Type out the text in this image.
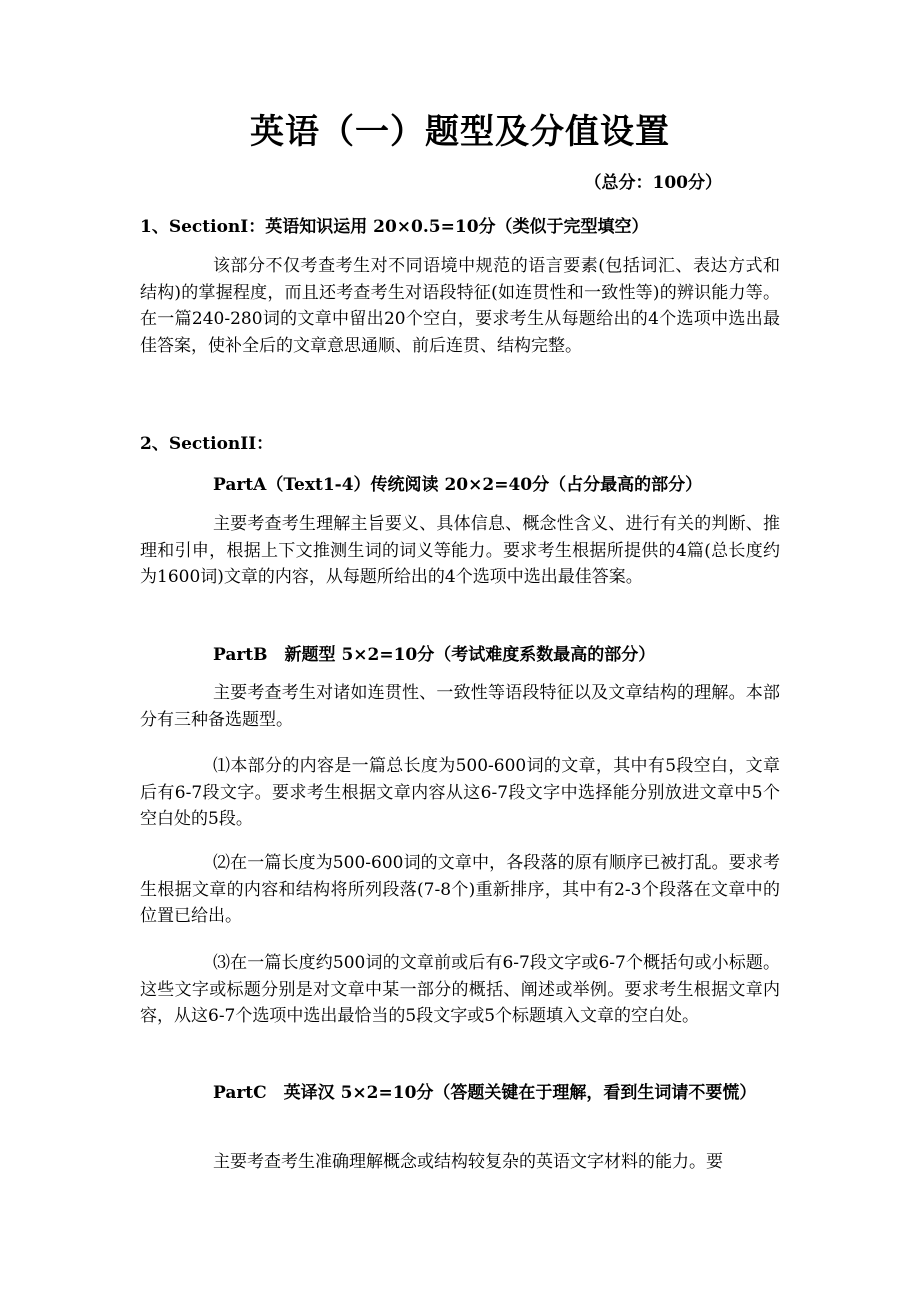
英语（一）题型及分值设置
（总分：100分）
1、SectionI：英语知识运用 20×0.5=10分（类似于完型填空）
该部分不仅考查考生对不同语境中规范的语言要素(包括词汇、表达方式和结构)的掌握程度，而且还考查考生对语段特征(如连贯性和一致性等)的辨识能力等。在一篇240-280词的文章中留出20个空白，要求考生从每题给出的4个选项中选出最佳答案，使补全后的文章意思通顺、前后连贯、结构完整。
2、SectionII：
PartA（Text1-4）传统阅读 20×2=40分（占分最高的部分）
主要考查考生理解主旨要义、具体信息、概念性含义、进行有关的判断、推理和引申，根据上下文推测生词的词义等能力。要求考生根据所提供的4篇(总长度约为1600词)文章的内容，从每题所给出的4个选项中选出最佳答案。
PartB　新题型 5×2=10分（考试难度系数最高的部分）
主要考查考生对诸如连贯性、一致性等语段特征以及文章结构的理解。本部分有三种备选题型。
⑴本部分的内容是一篇总长度为500-600词的文章，其中有5段空白，文章后有6-7段文字。要求考生根据文章内容从这6-7段文字中选择能分别放进文章中5个空白处的5段。
⑵在一篇长度为500-600词的文章中，各段落的原有顺序已被打乱。要求考生根据文章的内容和结构将所列段落(7-8个)重新排序，其中有2-3个段落在文章中的位置已给出。
⑶在一篇长度约500词的文章前或后有6-7段文字或6-7个概括句或小标题。这些文字或标题分别是对文章中某一部分的概括、阐述或举例。要求考生根据文章内容，从这6-7个选项中选出最恰当的5段文字或5个标题填入文章的空白处。
PartC　英译汉 5×2=10分（答题关键在于理解，看到生词请不要慌）
主要考查考生准确理解概念或结构较复杂的英语文字材料的能力。要
